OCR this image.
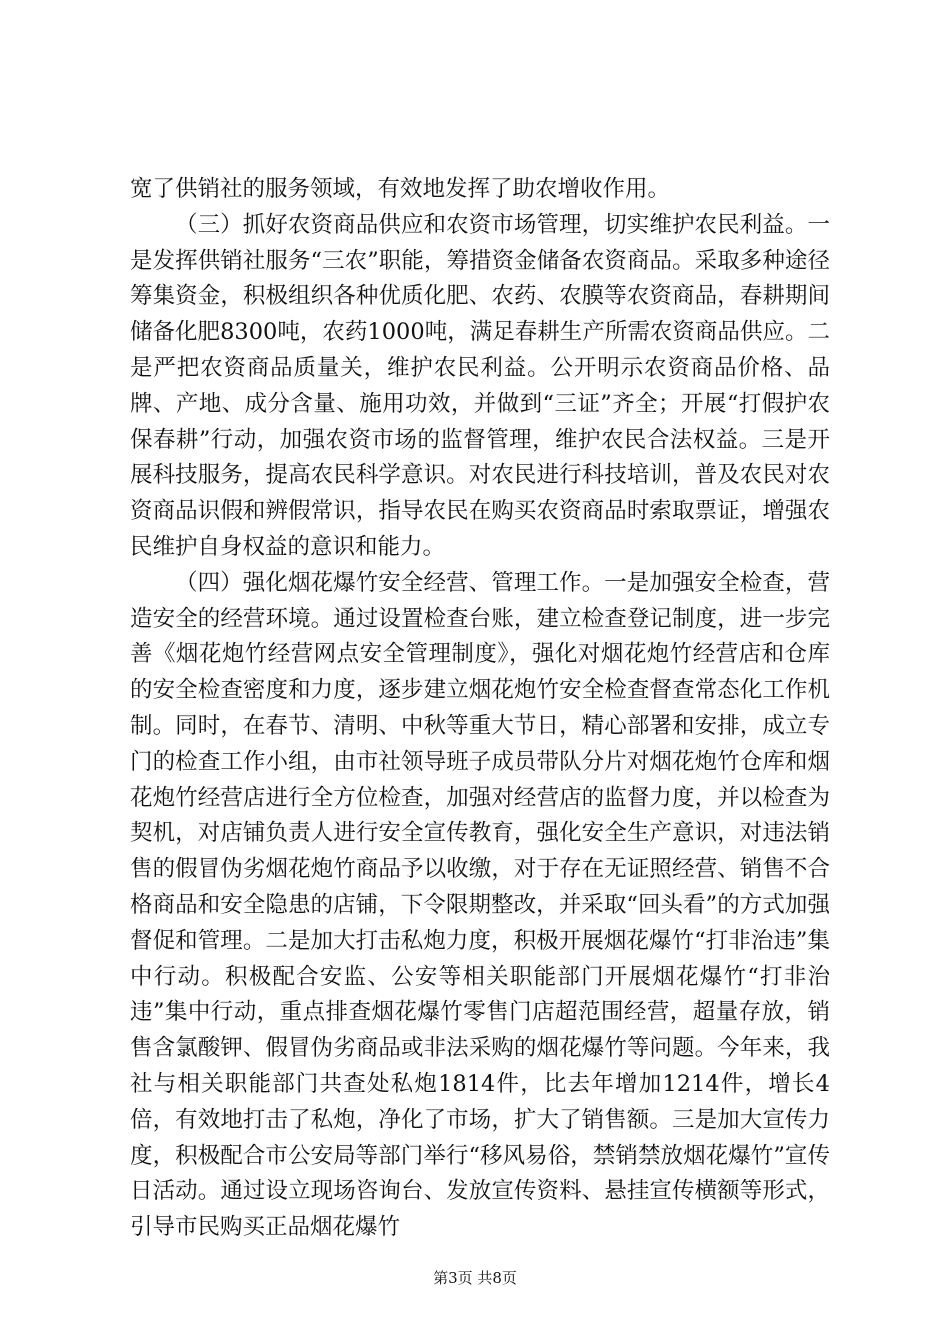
宽了供销社的服务领域，有效地发挥了助农增收作用。

（三）抓好农资商品供应和农资市场管理，切实维护农民利益。一是发挥供销社服务“三农”职能，筹措资金储备农资商品。采取多种途径筹集资金，积极组织各种优质化肥、农药、农膜等农资商品，春耕期间储备化肥8300吨，农药1000吨，满足春耕生产所需农资商品供应。二是严把农资商品质量关，维护农民利益。公开明示农资商品价格、品牌、产地、成分含量、施用功效，并做到“三证”齐全；开展“打假护农保春耕”行动，加强农资市场的监督管理，维护农民合法权益。三是开展科技服务，提高农民科学意识。对农民进行科技培训，普及农民对农资商品识假和辨假常识，指导农民在购买农资商品时索取票证，增强农民维护自身权益的意识和能力。

（四）强化烟花爆竹安全经营、管理工作。一是加强安全检查，营造安全的经营环境。通过设置检查台账，建立检查登记制度，进一步完善《烟花炮竹经营网点安全管理制度》，强化对烟花炮竹经营店和仓库的安全检查密度和力度，逐步建立烟花炮竹安全检查督查常态化工作机制。同时，在春节、清明、中秋等重大节日，精心部署和安排，成立专门的检查工作小组，由市社领导班子成员带队分片对烟花炮竹仓库和烟花炮竹经营店进行全方位检查，加强对经营店的监督力度，并以检查为契机，对店铺负责人进行安全宣传教育，强化安全生产意识，对违法销售的假冒伪劣烟花炮竹商品予以收缴，对于存在无证照经营、销售不合格商品和安全隐患的店铺，下令限期整改，并采取“回头看”的方式加强督促和管理。二是加大打击私炮力度，积极开展烟花爆竹“打非治违”集中行动。积极配合安监、公安等相关职能部门开展烟花爆竹“打非治违”集中行动，重点排查烟花爆竹零售门店超范围经营，超量存放，销售含氯酸钾、假冒伪劣商品或非法采购的烟花爆竹等问题。今年来，我社与相关职能部门共查处私炮1814件，比去年增加1214件，增长4倍，有效地打击了私炮，净化了市场，扩大了销售额。三是加大宣传力度，积极配合市公安局等部门举行“移风易俗，禁销禁放烟花爆竹”宣传日活动。通过设立现场咨询台、发放宣传资料、悬挂宣传横额等形式，引导市民购买正品烟花爆竹

第3页 共8页
